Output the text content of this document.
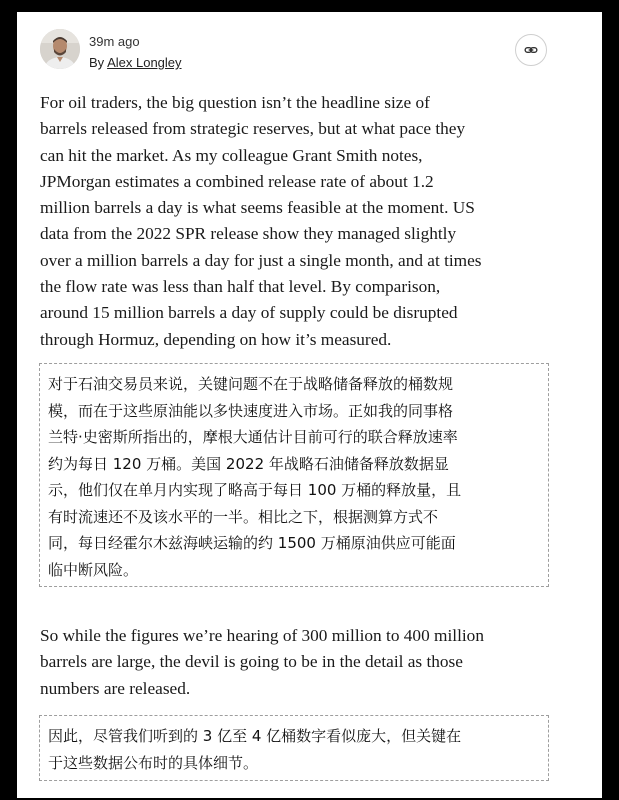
39m ago
By Alex Longley

For oil traders, the big question isn’t the headline size of
barrels released from strategic reserves, but at what pace they
can hit the market. As my colleague Grant Smith notes,
JPMorgan estimates a combined release rate of about 1.2
million barrels a day is what seems feasible at the moment. US
data from the 2022 SPR release show they managed slightly
over a million barrels a day for just a single month, and at times
the flow rate was less than half that level. By comparison,
around 15 million barrels a day of supply could be disrupted
through Hormuz, depending on how it’s measured.

对于石油交易员来说，关键问题不在于战略储备释放的桶数规
模，而在于这些原油能以多快速度进入市场。正如我的同事格
兰特·史密斯所指出的，摩根大通估计目前可行的联合释放速率
约为每日 120 万桶。美国 2022 年战略石油储备释放数据显
示，他们仅在单月内实现了略高于每日 100 万桶的释放量，且
有时流速还不及该水平的一半。相比之下，根据测算方式不
同，每日经霍尔木兹海峡运输的约 1500 万桶原油供应可能面
临中断风险。

So while the figures we’re hearing of 300 million to 400 million
barrels are large, the devil is going to be in the detail as those
numbers are released.

因此，尽管我们听到的 3 亿至 4 亿桶数字看似庞大，但关键在
于这些数据公布时的具体细节。
